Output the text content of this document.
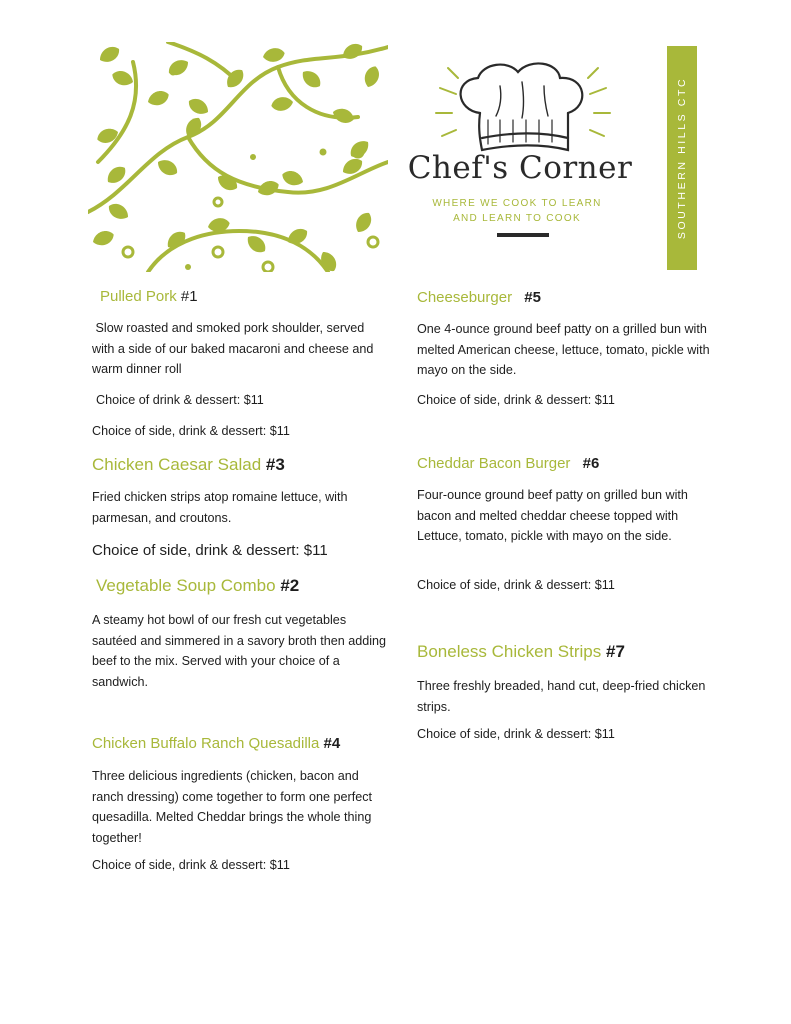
Chef's Corner
WHERE WE COOK TO LEARN
AND LEARN TO COOK	SOUTHERN HILLS CTC
Pulled Pork #1

Slow roasted and smoked pork shoulder, served with a side of our baked macaroni and cheese and warm dinner roll

Choice of drink & dessert: $11

Choice of side, drink & dessert: $11

Chicken Caesar Salad #3

Fried chicken strips atop romaine lettuce, with parmesan, and croutons.

Choice of side, drink & dessert: $11

Vegetable Soup Combo #2

A steamy hot bowl of our fresh cut vegetables sautéed and simmered in a savory broth then adding beef to the mix. Served with your choice of a sandwich.

Chicken Buffalo Ranch Quesadilla #4

Three delicious ingredients (chicken, bacon and ranch dressing) come together to form one perfect quesadilla. Melted Cheddar brings the whole thing together!

Choice of side, drink & dessert: $11

Cheeseburger #5

One 4-ounce ground beef patty on a grilled bun with melted American cheese, lettuce, tomato, pickle with mayo on the side.

Choice of side, drink & dessert: $11

Cheddar Bacon Burger #6

Four-ounce ground beef patty on grilled bun with bacon and melted cheddar cheese topped with Lettuce, tomato, pickle with mayo on the side.

Choice of side, drink & dessert: $11

Boneless Chicken Strips #7

Three freshly breaded, hand cut, deep-fried chicken strips.

Choice of side, drink & dessert: $11
